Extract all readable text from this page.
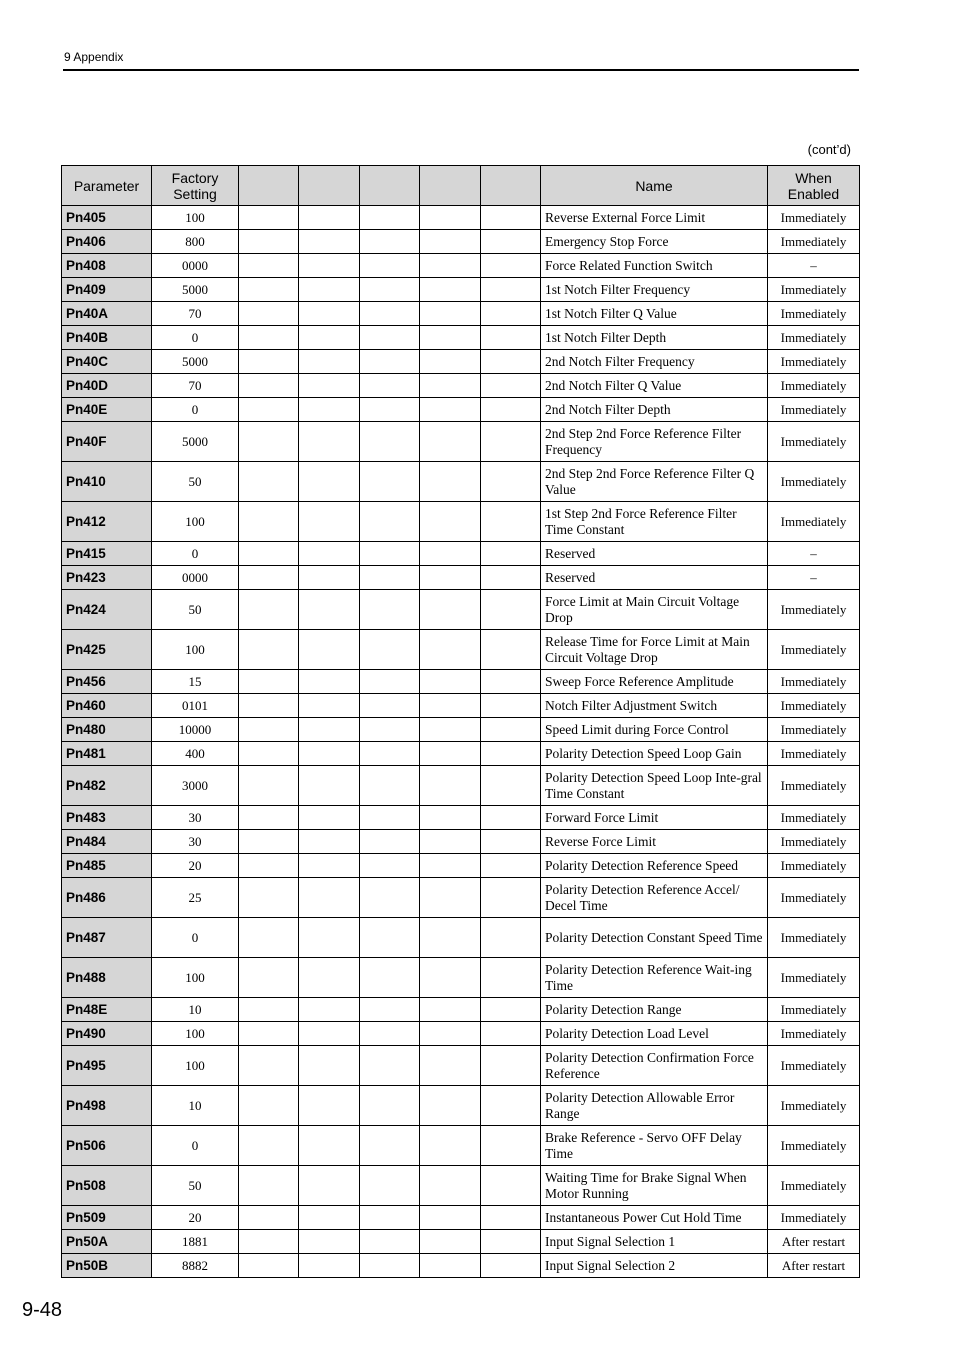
9 Appendix
(cont’d)
Parameter	Factory Setting						Name	When Enabled
Pn405	100						Reverse External Force Limit	Immediately
Pn406	800						Emergency Stop Force	Immediately
Pn408	0000						Force Related Function Switch	–
Pn409	5000						1st Notch Filter Frequency	Immediately
Pn40A	70						1st Notch Filter Q Value	Immediately
Pn40B	0						1st Notch Filter Depth	Immediately
Pn40C	5000						2nd Notch Filter Frequency	Immediately
Pn40D	70						2nd Notch Filter Q Value	Immediately
Pn40E	0						2nd Notch Filter Depth	Immediately
Pn40F	5000						2nd Step 2nd Force Reference Filter Frequency	Immediately
Pn410	50						2nd Step 2nd Force Reference Filter Q Value	Immediately
Pn412	100						1st Step 2nd Force Reference Filter Time Constant	Immediately
Pn415	0						Reserved	–
Pn423	0000						Reserved	–
Pn424	50						Force Limit at Main Circuit Voltage Drop	Immediately
Pn425	100						Release Time for Force Limit at Main Circuit Voltage Drop	Immediately
Pn456	15						Sweep Force Reference Amplitude	Immediately
Pn460	0101						Notch Filter Adjustment Switch	Immediately
Pn480	10000						Speed Limit during Force Control	Immediately
Pn481	400						Polarity Detection Speed Loop Gain	Immediately
Pn482	3000						Polarity Detection Speed Loop Inte-gral Time Constant	Immediately
Pn483	30						Forward Force Limit	Immediately
Pn484	30						Reverse Force Limit	Immediately
Pn485	20						Polarity Detection Reference Speed	Immediately
Pn486	25						Polarity Detection Reference Accel/ Decel Time	Immediately
Pn487	0						Polarity Detection Constant Speed Time	Immediately
Pn488	100						Polarity Detection Reference Wait-ing Time	Immediately
Pn48E	10						Polarity Detection Range	Immediately
Pn490	100						Polarity Detection Load Level	Immediately
Pn495	100						Polarity Detection Confirmation Force Reference	Immediately
Pn498	10						Polarity Detection Allowable Error Range	Immediately
Pn506	0						Brake Reference - Servo OFF Delay Time	Immediately
Pn508	50						Waiting Time for Brake Signal When Motor Running	Immediately
Pn509	20						Instantaneous Power Cut Hold Time	Immediately
Pn50A	1881						Input Signal Selection 1	After restart
Pn50B	8882						Input Signal Selection 2	After restart
9-48
